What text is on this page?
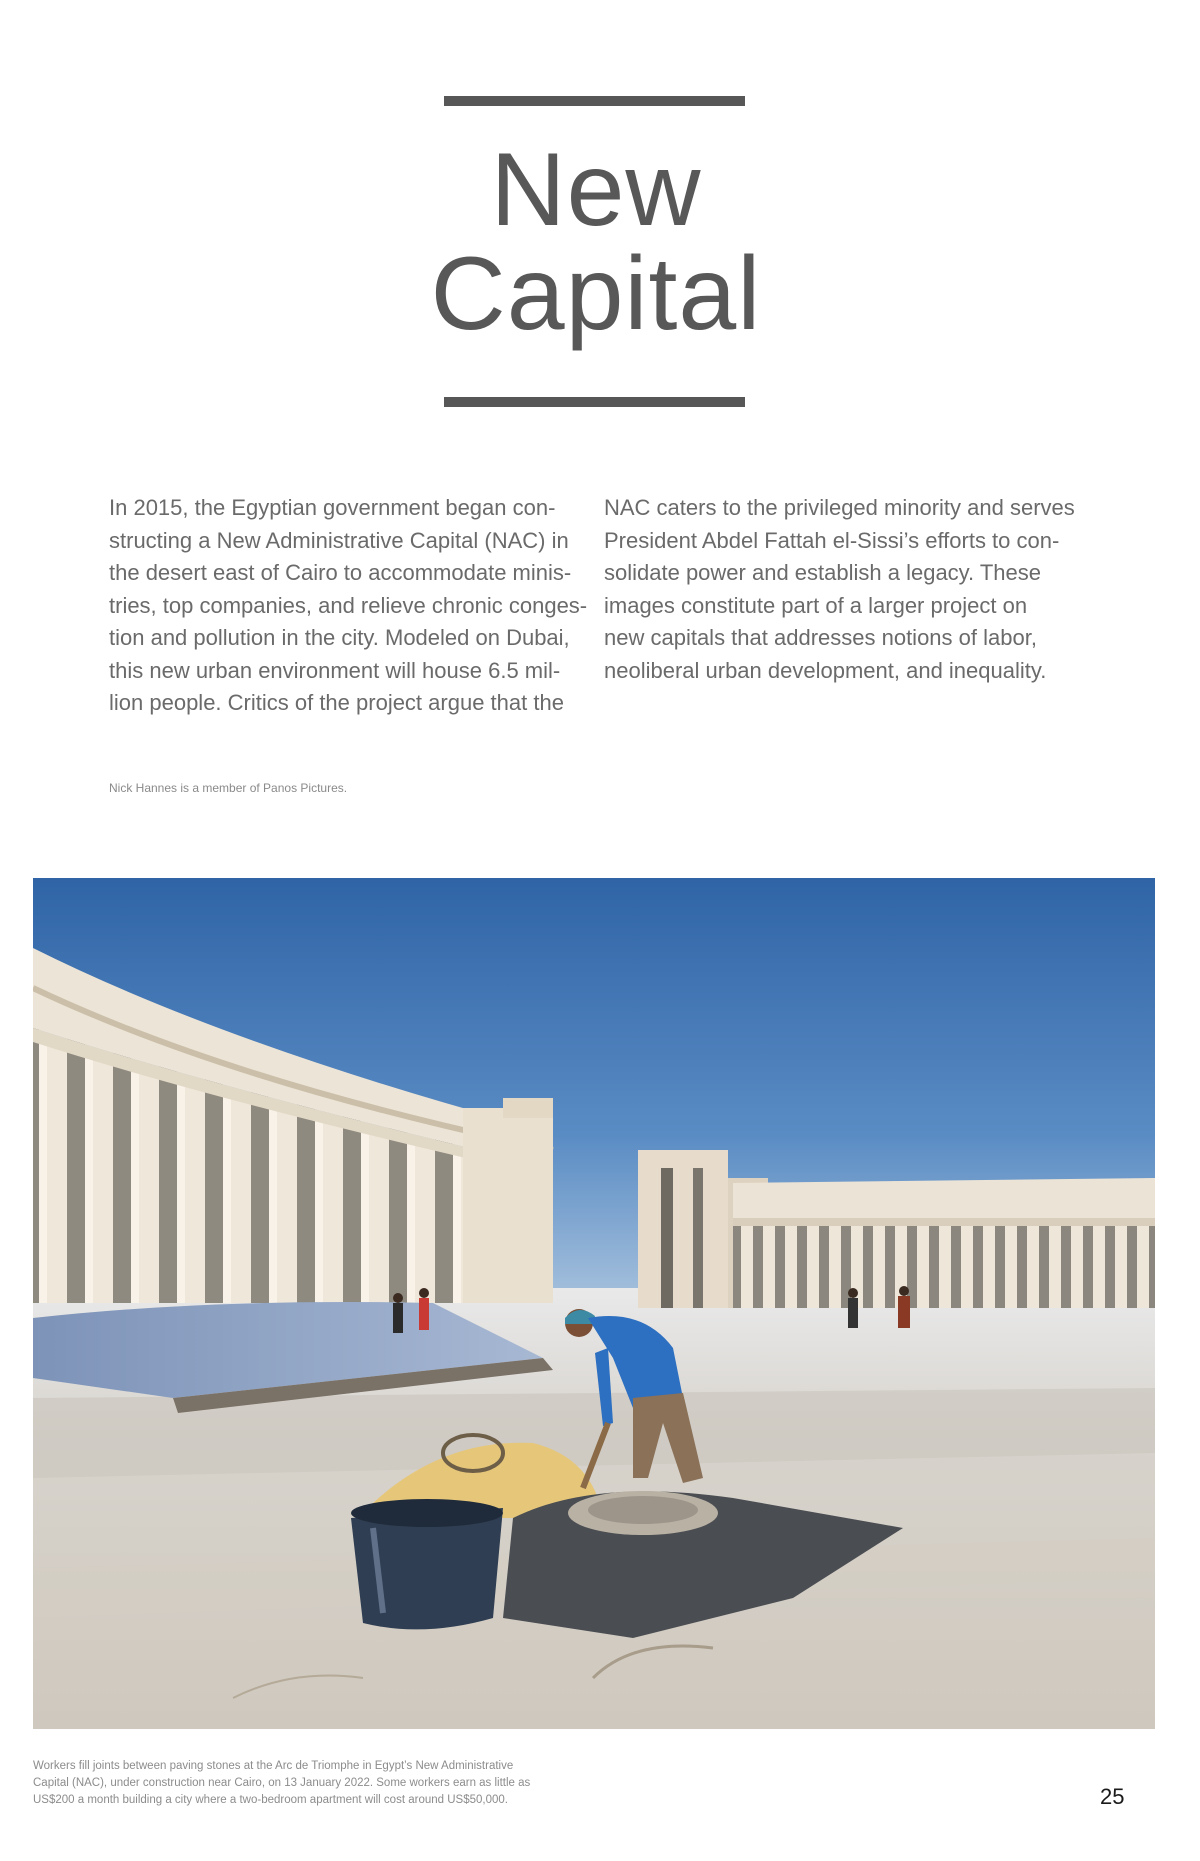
New
Capital

In 2015, the Egyptian government began con-
structing a New Administrative Capital (NAC) in
the desert east of Cairo to accommodate minis-
tries, top companies, and relieve chronic conges-
tion and pollution in the city. Modeled on Dubai,
this new urban environment will house 6.5 mil-
lion people. Critics of the project argue that the

NAC caters to the privileged minority and serves
President Abdel Fattah el-Sissi’s efforts to con-
solidate power and establish a legacy. These
images constitute part of a larger project on
new capitals that addresses notions of labor,
neoliberal urban development, and inequality.

Nick Hannes is a member of Panos Pictures.
Workers fill joints between paving stones at the Arc de Triomphe in Egypt’s New Administrative
Capital (NAC), under construction near Cairo, on 13 January 2022. Some workers earn as little as
US$200 a month building a city where a two-bedroom apartment will cost around US$50,000.	25
